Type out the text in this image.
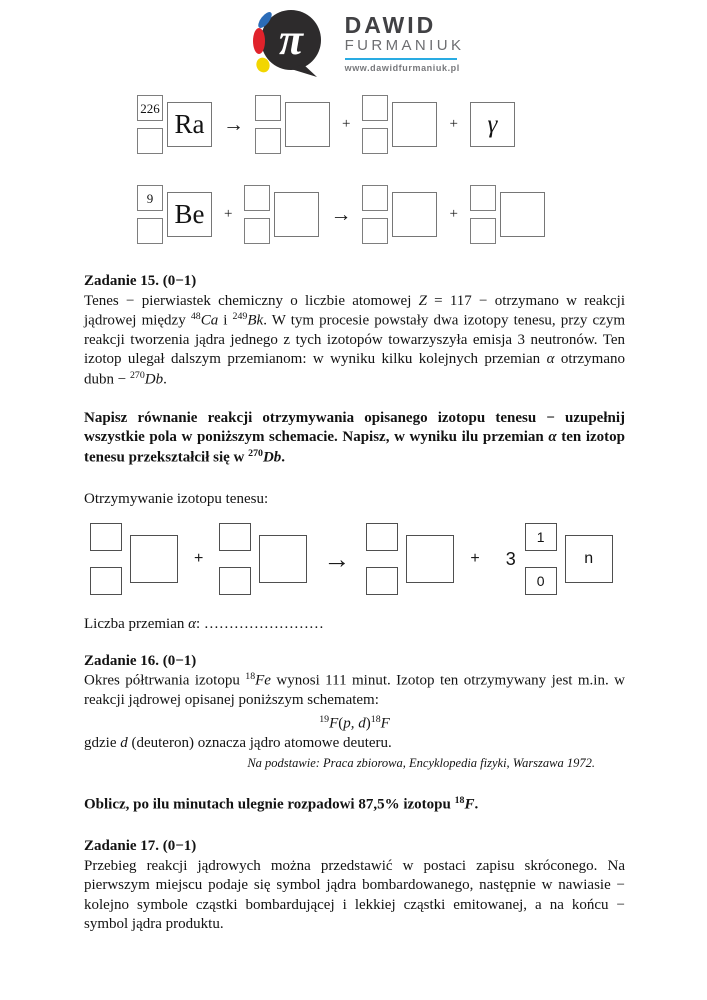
π DAWID
FURMANIUK
www.dawidfurmaniuk.pl
226
Ra →	+	+	γ
9
Be	+	→	+

Zadanie 15. (0−1)

Tenes − pierwiastek chemiczny o liczbie atomowej Z = 117 − otrzymano w reakcji jądrowej między $^{48}$Ca i $^{249}$Bk. W tym procesie powstały dwa izotopy tenesu, przy czym reakcji tworzenia jądra jednego z tych izotopów towarzyszyła emisja 3 neutronów. Ten izotop ulegał dalszym przemianom: w wyniku kilku kolejnych przemian α otrzymano dubn − $^{270}$Db.

Napisz równanie reakcji otrzymywania opisanego izotopu tenesu − uzupełnij wszystkie pola w poniższym schemacie. Napisz, w wyniku ilu przemian α ten izotop tenesu przekształcił się w $^{270}$Db.

Otrzymywanie izotopu tenesu:

+	→	+ 3
1
0
n

Liczba przemian α: ……………………

Zadanie 16. (0−1)

Okres półtrwania izotopu $^{18}$Fe wynosi 111 minut. Izotop ten otrzymywany jest m.in. w reakcji jądrowej opisanej poniższym schematem:

$^{19}$F(p, d)$^{18}$F

gdzie d (deuteron) oznacza jądro atomowe deuteru.

Na podstawie: Praca zbiorowa, Encyklopedia fizyki, Warszawa 1972.

Oblicz, po ilu minutach ulegnie rozpadowi 87,5% izotopu $^{18}$F.

Zadanie 17. (0−1)

Przebieg reakcji jądrowych można przedstawić w postaci zapisu skróconego. Na pierwszym miejscu podaje się symbol jądra bombardowanego, następnie w nawiasie − kolejno symbole cząstki bombardującej i lekkiej cząstki emitowanej, a na końcu − symbol jądra produktu.
